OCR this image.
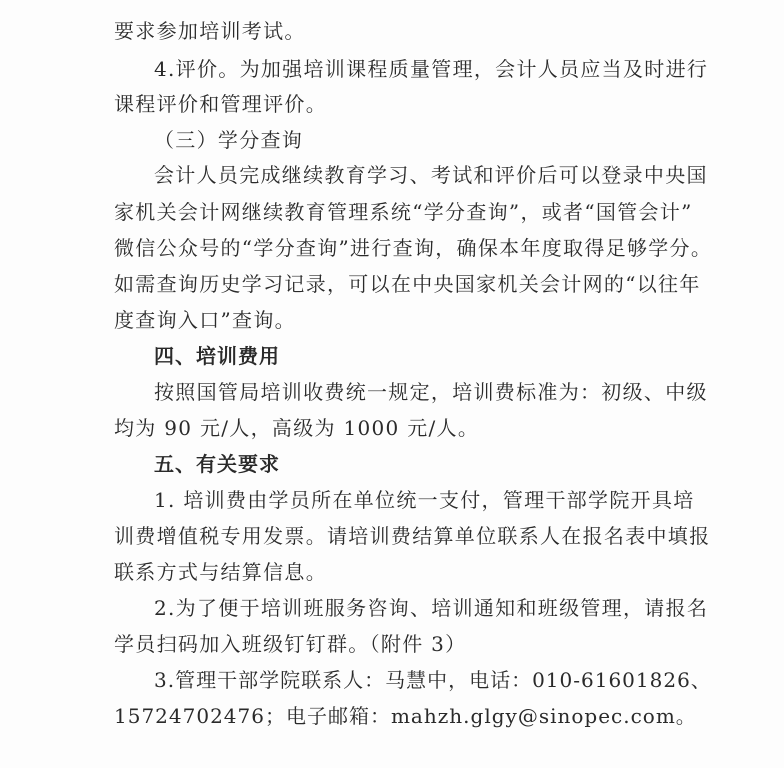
要求参加培训考试。
4.评价。为加强培训课程质量管理，会计人员应当及时进行
课程评价和管理评价。
（三）学分查询
会计人员完成继续教育学习、考试和评价后可以登录中央国
家机关会计网继续教育管理系统“学分查询”，或者“国管会计”
微信公众号的“学分查询”进行查询，确保本年度取得足够学分。
如需查询历史学习记录，可以在中央国家机关会计网的“以往年
度查询入口”查询。
四、培训费用
按照国管局培训收费统一规定，培训费标准为：初级、中级
均为 90 元/人，高级为 1000 元/人。
五、有关要求
1. 培训费由学员所在单位统一支付，管理干部学院开具培
训费增值税专用发票。请培训费结算单位联系人在报名表中填报
联系方式与结算信息。
2.为了便于培训班服务咨询、培训通知和班级管理，请报名
学员扫码加入班级钉钉群。（附件 3）
3.管理干部学院联系人：马慧中，电话：010-61601826、
15724702476；电子邮箱：mahzh.glgy@sinopec.com。
